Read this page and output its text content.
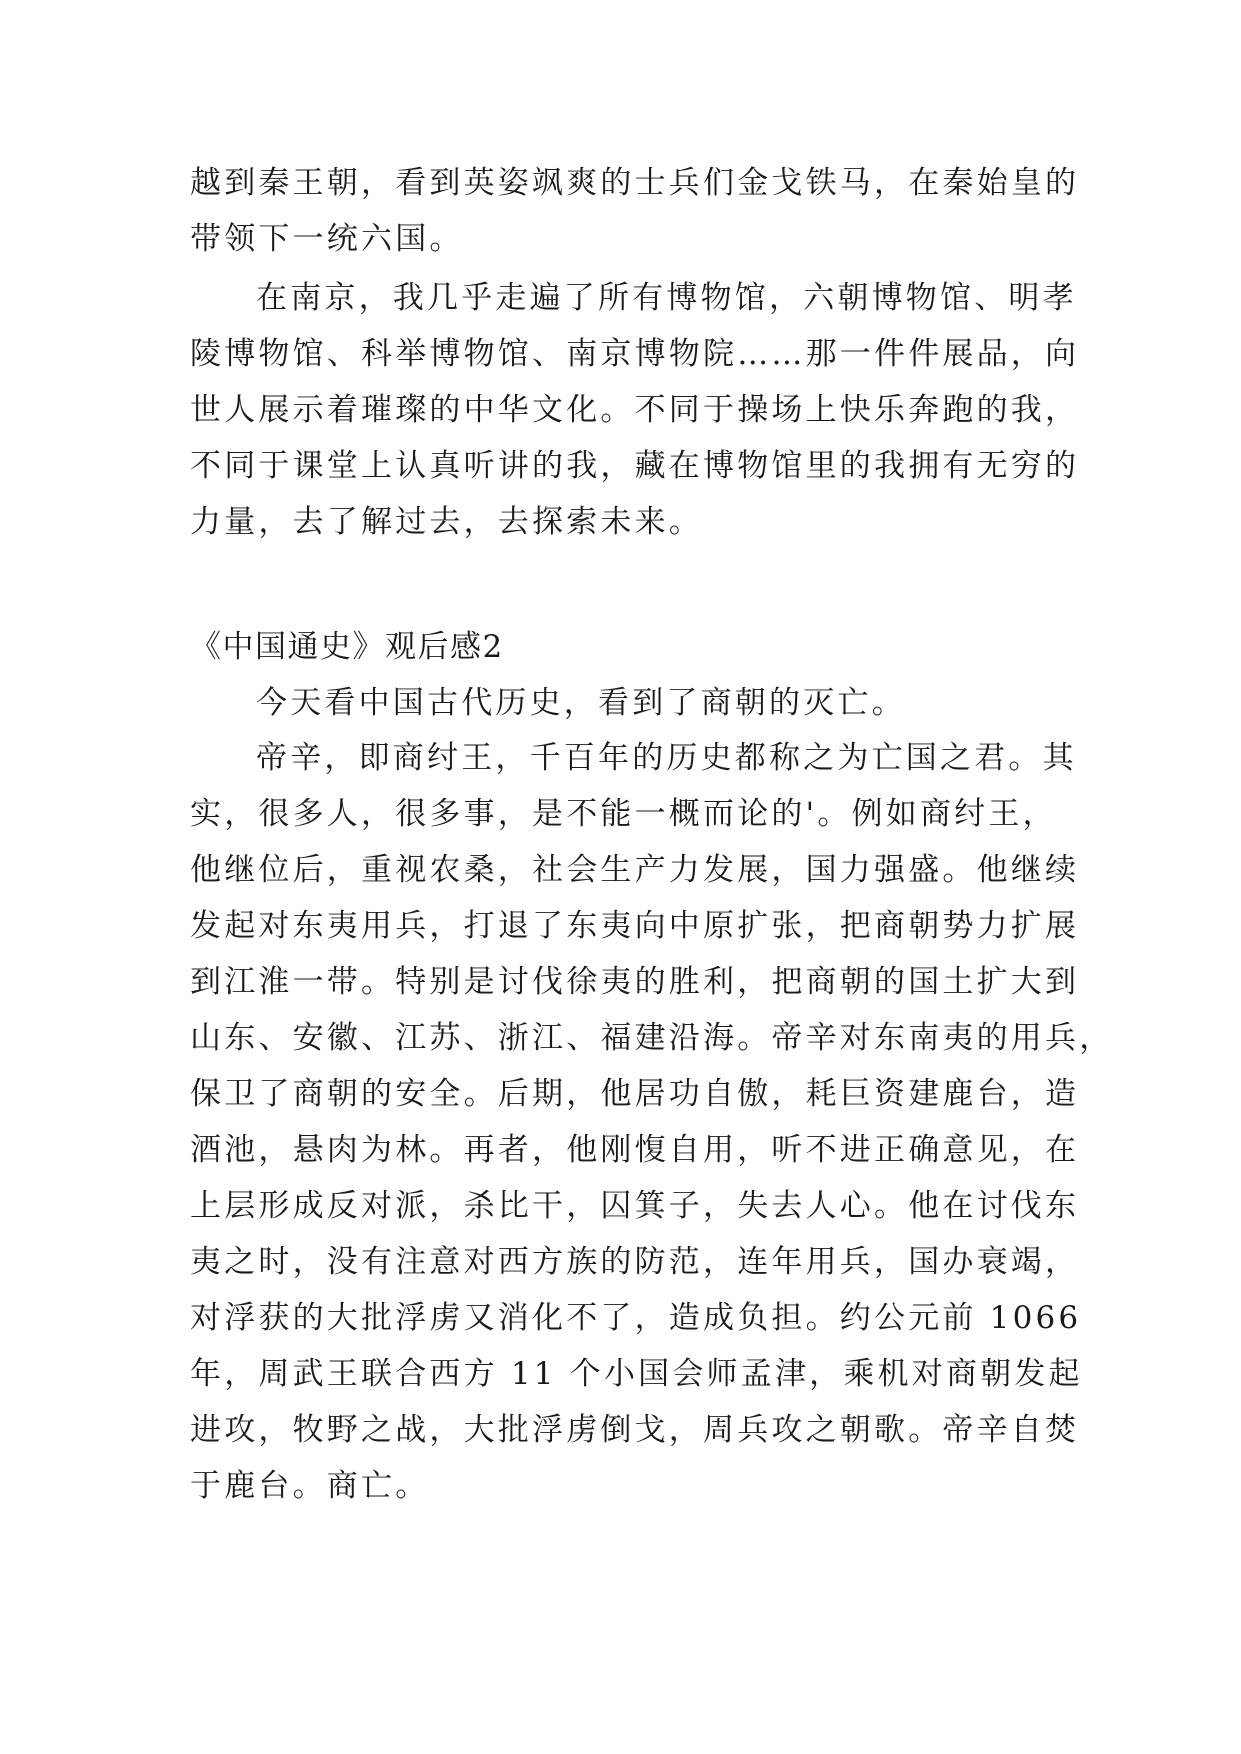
越到秦王朝，看到英姿飒爽的士兵们金戈铁马，在秦始皇的
带领下一统六国。
在南京，我几乎走遍了所有博物馆，六朝博物馆、明孝
陵博物馆、科举博物馆、南京博物院……那一件件展品，向
世人展示着璀璨的中华文化。不同于操场上快乐奔跑的我，
不同于课堂上认真听讲的我，藏在博物馆里的我拥有无穷的
力量，去了解过去，去探索未来。
《中国通史》观后感2
今天看中国古代历史，看到了商朝的灭亡。
帝辛，即商纣王，千百年的历史都称之为亡国之君。其
实，很多人，很多事，是不能一概而论的'。例如商纣王，
他继位后，重视农桑，社会生产力发展，国力强盛。他继续
发起对东夷用兵，打退了东夷向中原扩张，把商朝势力扩展
到江淮一带。特别是讨伐徐夷的胜利，把商朝的国土扩大到
山东、安徽、江苏、浙江、福建沿海。帝辛对东南夷的用兵，
保卫了商朝的安全。后期，他居功自傲，耗巨资建鹿台，造
酒池，悬肉为林。再者，他刚愎自用，听不进正确意见，在
上层形成反对派，杀比干，囚箕子，失去人心。他在讨伐东
夷之时，没有注意对西方族的防范，连年用兵，国办衰竭，
对浮获的大批浮虏又消化不了，造成负担。约公元前 1066
年，周武王联合西方 11 个小国会师孟津，乘机对商朝发起
进攻，牧野之战，大批浮虏倒戈，周兵攻之朝歌。帝辛自焚
于鹿台。商亡。
